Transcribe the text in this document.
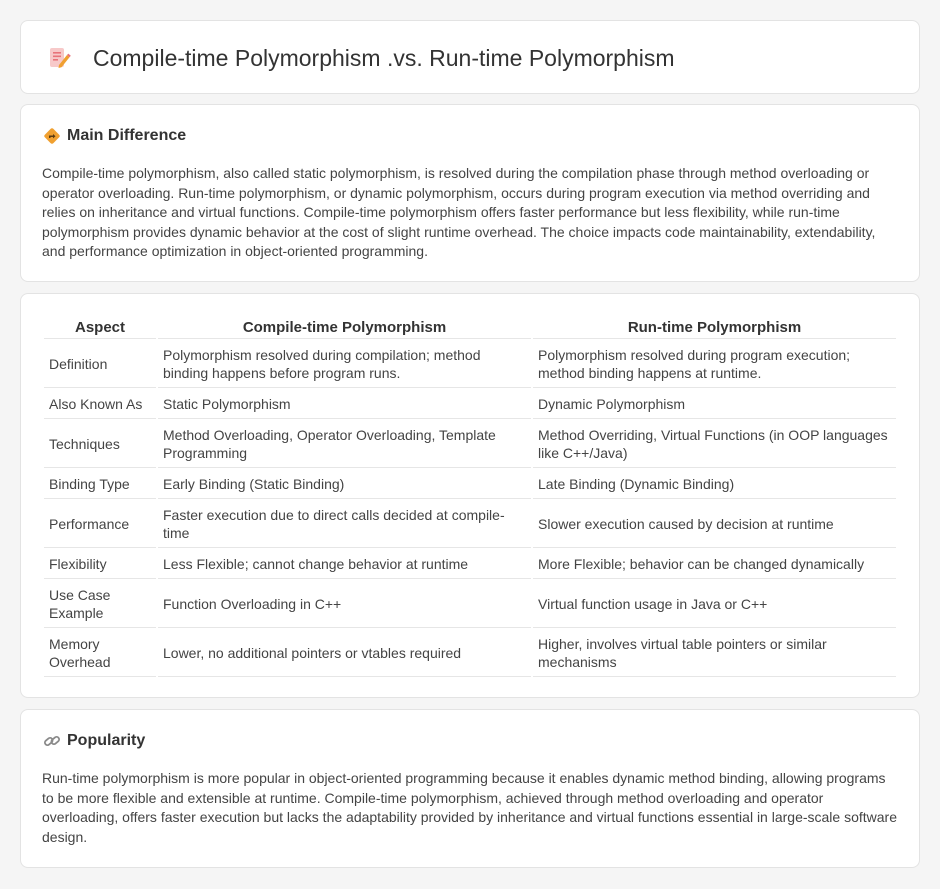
Compile-time Polymorphism .vs. Run-time Polymorphism
Main Difference

Compile-time polymorphism, also called static polymorphism, is resolved during the compilation phase through method overloading or operator overloading. Run-time polymorphism, or dynamic polymorphism, occurs during program execution via method overriding and relies on inheritance and virtual functions. Compile-time polymorphism offers faster performance but less flexibility, while run-time polymorphism provides dynamic behavior at the cost of slight runtime overhead. The choice impacts code maintainability, extendability, and performance optimization in object-oriented programming.

Aspect	Compile-time Polymorphism	Run-time Polymorphism
Definition	Polymorphism resolved during compilation; method binding happens before program runs.	Polymorphism resolved during program execution; method binding happens at runtime.
Also Known As	Static Polymorphism	Dynamic Polymorphism
Techniques	Method Overloading, Operator Overloading, Template Programming	Method Overriding, Virtual Functions (in OOP languages like C++/Java)
Binding Type	Early Binding (Static Binding)	Late Binding (Dynamic Binding)
Performance	Faster execution due to direct calls decided at compile-time	Slower execution caused by decision at runtime
Flexibility	Less Flexible; cannot change behavior at runtime	More Flexible; behavior can be changed dynamically
Use Case Example	Function Overloading in C++	Virtual function usage in Java or C++
Memory Overhead	Lower, no additional pointers or vtables required	Higher, involves virtual table pointers or similar mechanisms
Popularity

Run-time polymorphism is more popular in object-oriented programming because it enables dynamic method binding, allowing programs to be more flexible and extensible at runtime. Compile-time polymorphism, achieved through method overloading and operator overloading, offers faster execution but lacks the adaptability provided by inheritance and virtual functions essential in large-scale software design.
